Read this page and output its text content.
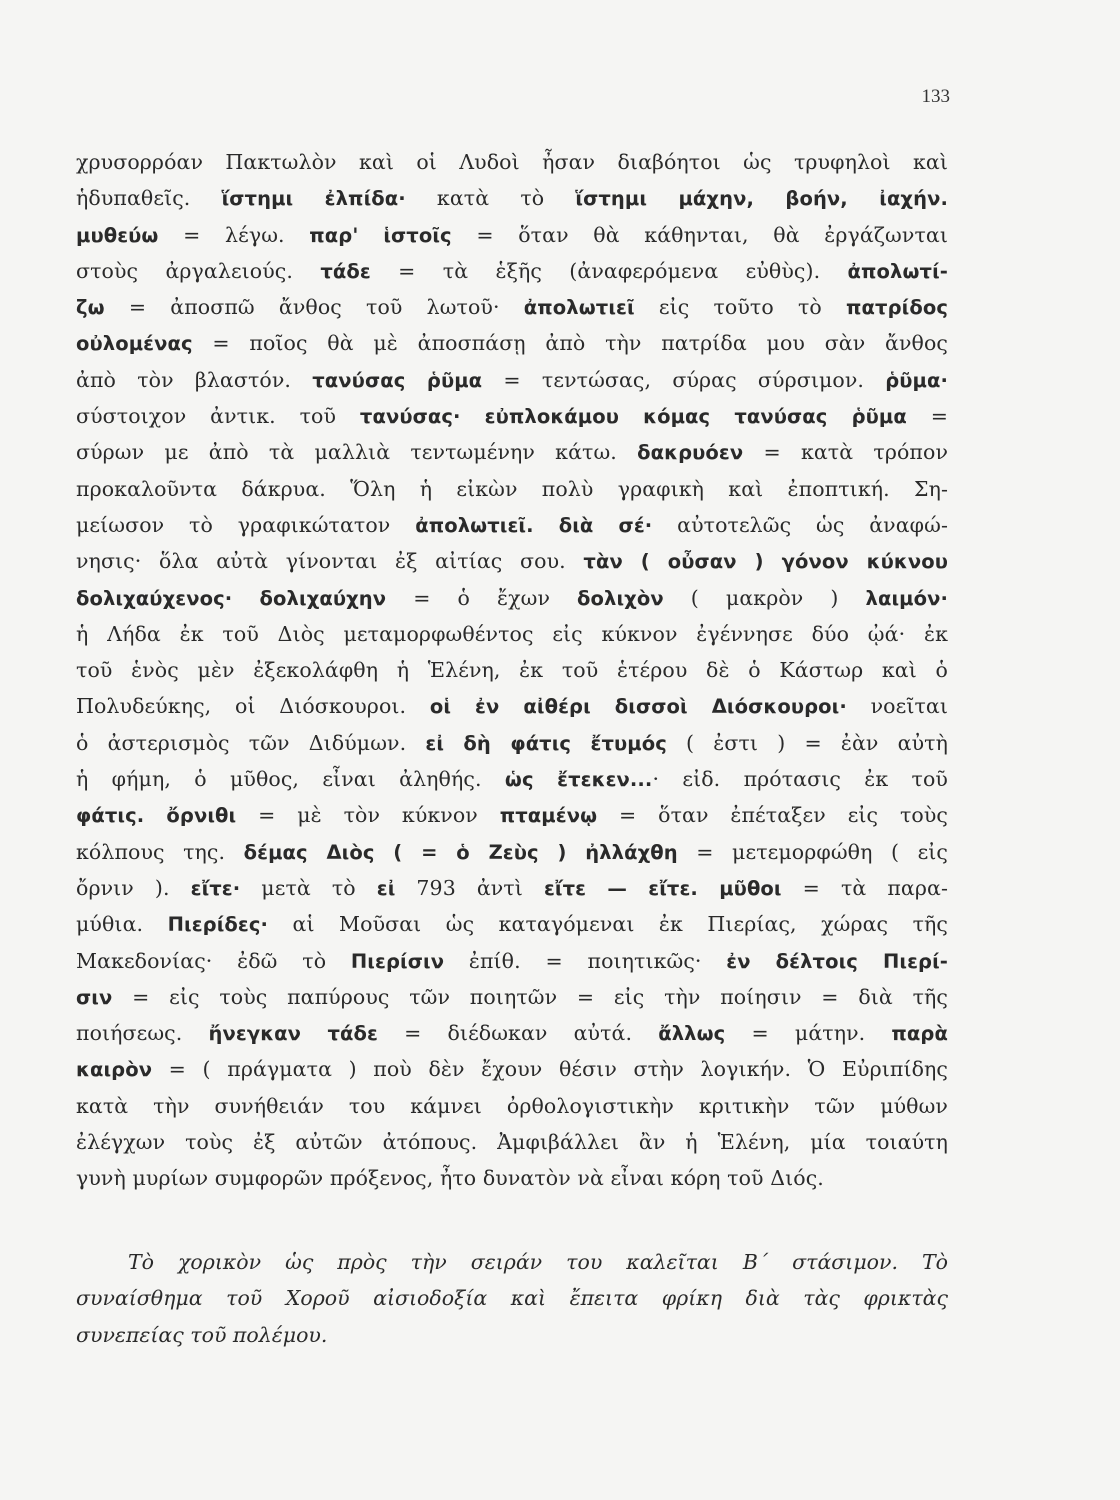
133
χρυσορρόαν Πακτωλὸν καὶ οἱ Λυδοὶ ἦσαν διαβόητοι ὡς τρυφηλοὶ καὶ
ἡδυπαθεῖς. ἵστημι ἐλπίδα· κατὰ τὸ ἵστημι μάχην, βοήν, ἰαχήν.
μυθεύω = λέγω. παρ' ἱστοῖς = ὅταν θὰ κάθηνται, θὰ ἐργάζωνται
στοὺς ἀργαλειούς. τάδε = τὰ ἑξῆς (ἀναφερόμενα εὐθὺς). ἀπολωτί-
ζω = ἀποσπῶ ἄνθος τοῦ λωτοῦ· ἀπολωτιεῖ εἰς τοῦτο τὸ πατρίδος
οὐλομένας = ποῖος θὰ μὲ ἀποσπάσῃ ἀπὸ τὴν πατρίδα μου σὰν ἄνθος
ἀπὸ τὸν βλαστόν. τανύσας ῥῦμα = τεντώσας, σύρας σύρσιμον. ῥῦμα·
σύστοιχον ἀντικ. τοῦ τανύσας· εὐπλοκάμου κόμας τανύσας ῥῦμα =
σύρων με ἀπὸ τὰ μαλλιὰ τεντωμένην κάτω. δακρυόεν = κατὰ τρόπον
προκαλοῦντα δάκρυα. Ὅλη ἡ εἰκὼν πολὺ γραφικὴ καὶ ἐποπτική. Ση-
μείωσον τὸ γραφικώτατον ἀπολωτιεῖ. διὰ σέ· αὐτοτελῶς ὡς ἀναφώ-
νησις· ὅλα αὐτὰ γίνονται ἐξ αἰτίας σου. τὰν ( οὖσαν ) γόνον κύκνου
δολιχαύχενος· δολιχαύχην = ὁ ἔχων δολιχὸν ( μακρὸν ) λαιμόν·
ἡ Λήδα ἐκ τοῦ Διὸς μεταμορφωθέντος εἰς κύκνον ἐγέννησε δύο ᾠά· ἐκ
τοῦ ἑνὸς μὲν ἐξεκολάφθη ἡ Ἑλένη, ἐκ τοῦ ἑτέρου δὲ ὁ Κάστωρ καὶ ὁ
Πολυδεύκης, οἱ Διόσκουροι. οἱ ἐν αἰθέρι δισσοὶ Διόσκουροι· νοεῖται
ὁ ἀστερισμὸς τῶν Διδύμων. εἰ δὴ φάτις ἔτυμός ( ἐστι ) = ἐὰν αὐτὴ
ἡ φήμη, ὁ μῦθος, εἶναι ἀληθής. ὡς ἔτεκεν...· εἰδ. πρότασις ἐκ τοῦ
φάτις. ὄρνιθι = μὲ τὸν κύκνον πταμένῳ = ὅταν ἐπέταξεν εἰς τοὺς
κόλπους της. δέμας Διὸς ( = ὁ Ζεὺς ) ἠλλάχθη = μετεμορφώθη ( εἰς
ὄρνιν ). εἴτε· μετὰ τὸ εἰ 793 ἀντὶ εἴτε — εἴτε. μῦθοι = τὰ παρα-
μύθια. Πιερίδες· αἱ Μοῦσαι ὡς καταγόμεναι ἐκ Πιερίας, χώρας τῆς
Μακεδονίας· ἐδῶ τὸ Πιερίσιν ἐπίθ. = ποιητικῶς· ἐν δέλτοις Πιερί-
σιν = εἰς τοὺς παπύρους τῶν ποιητῶν = εἰς τὴν ποίησιν = διὰ τῆς
ποιήσεως. ἤνεγκαν τάδε = διέδωκαν αὐτά. ἄλλως = μάτην. παρὰ
καιρὸν = ( πράγματα ) ποὺ δὲν ἔχουν θέσιν στὴν λογικήν. Ὁ Εὐριπίδης
κατὰ τὴν συνήθειάν του κάμνει ὀρθολογιστικὴν κριτικὴν τῶν μύθων
ἐλέγχων τοὺς ἐξ αὐτῶν ἀτόπους. Ἀμφιβάλλει ἂν ἡ Ἑλένη, μία τοιαύτη
γυνὴ μυρίων συμφορῶν πρόξενος, ἦτο δυνατὸν νὰ εἶναι κόρη τοῦ Διός.
Τὸ χορικὸν ὡς πρὸς τὴν σειράν του καλεῖται Β΄ στάσιμον. Τὸ
συναίσθημα τοῦ Χοροῦ αἰσιοδοξία καὶ ἔπειτα φρίκη διὰ τὰς φρικτὰς
συνεπείας τοῦ πολέμου.
